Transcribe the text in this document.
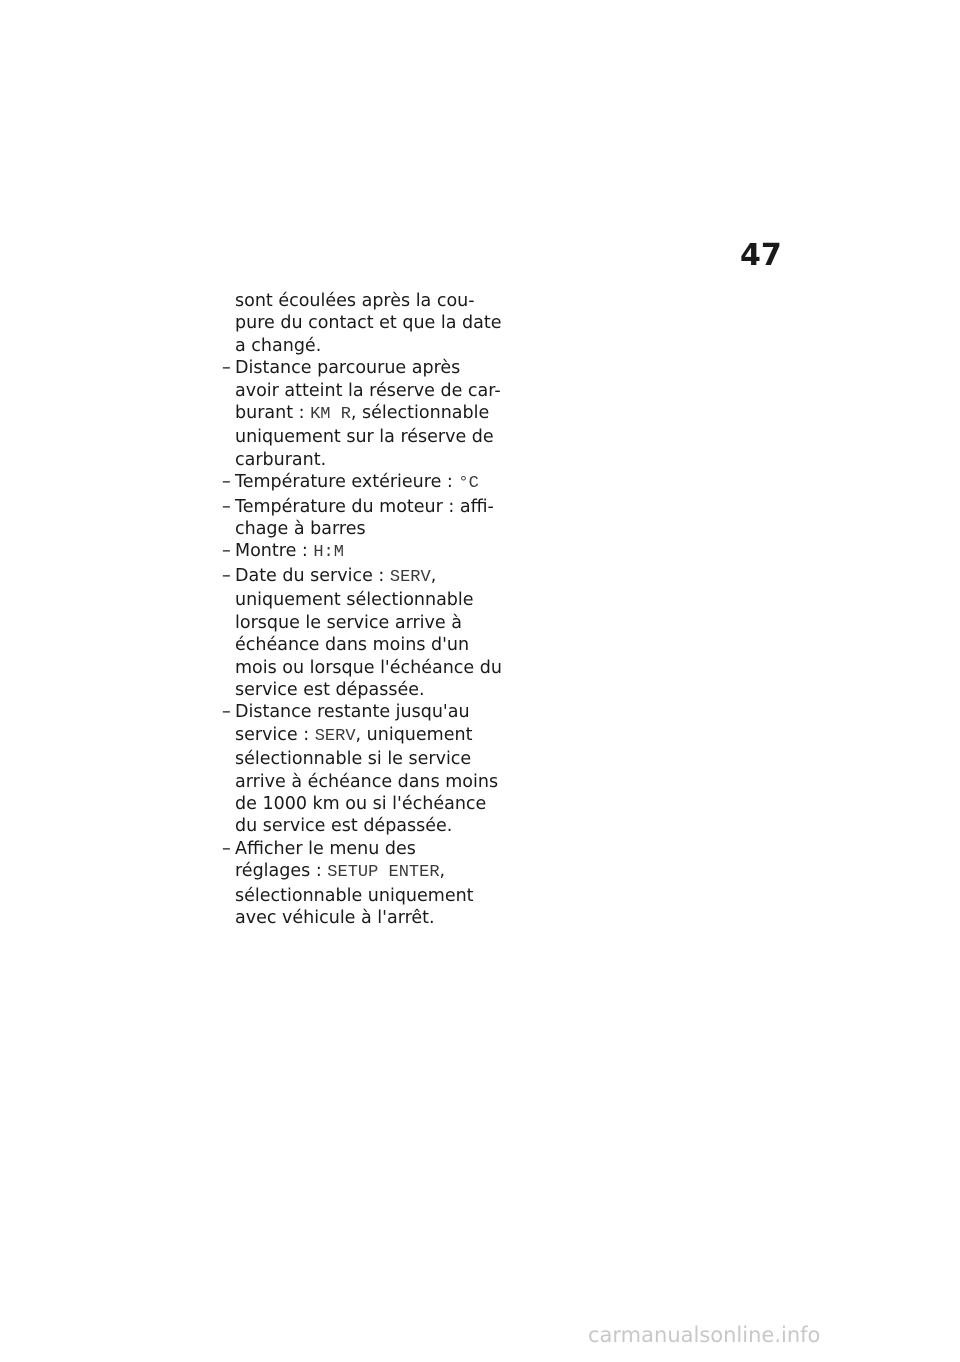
47
sont écoulées après la cou-
pure du contact et que la date
a changé.
– Distance parcourue après
avoir atteint la réserve de car-
burant : KM R, sélectionnable
uniquement sur la réserve de
carburant.
– Température extérieure : °C
– Température du moteur : affi-
chage à barres
– Montre : H:M
– Date du service : SERV,
uniquement sélectionnable
lorsque le service arrive à
échéance dans moins d'un
mois ou lorsque l'échéance du
service est dépassée.
– Distance restante jusqu'au
service : SERV, uniquement
sélectionnable si le service
arrive à échéance dans moins
de 1000 km ou si l'échéance
du service est dépassée.
– Afficher le menu des
réglages : SETUP ENTER,
sélectionnable uniquement
avec véhicule à l'arrêt.
carmanualsonline.info
